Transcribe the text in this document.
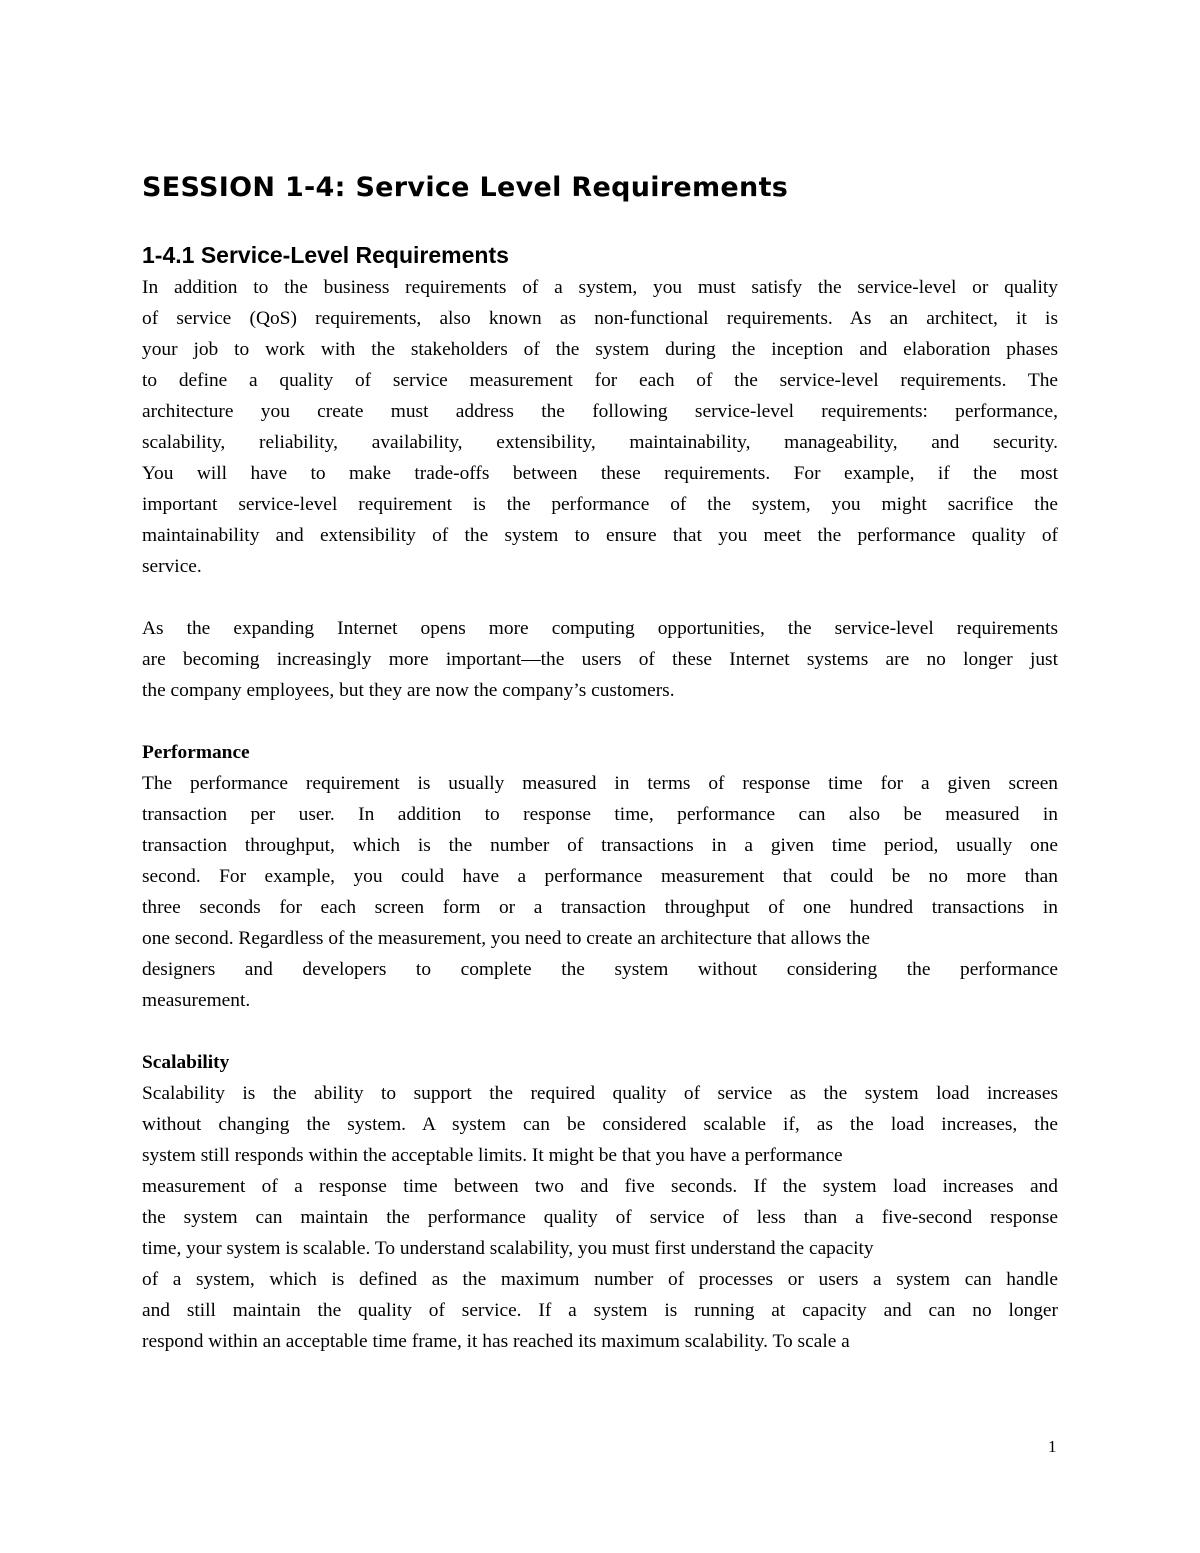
SESSION 1-4: Service Level Requirements
1-4.1 Service-Level Requirements
In addition to the business requirements of a system, you must satisfy the service-level or quality
of service (QoS) requirements, also known as non-functional requirements. As an architect, it is
your job to work with the stakeholders of the system during the inception and elaboration phases
to define a quality of service measurement for each of the service-level requirements. The
architecture you create must address the following service-level requirements: performance,
scalability, reliability, availability, extensibility, maintainability, manageability, and security.
You will have to make trade-offs between these requirements. For example, if the most
important service-level requirement is the performance of the system, you might sacrifice the
maintainability and extensibility of the system to ensure that you meet the performance quality of
service.
As the expanding Internet opens more computing opportunities, the service-level requirements
are becoming increasingly more important—the users of these Internet systems are no longer just
the company employees, but they are now the company’s customers.
Performance
The performance requirement is usually measured in terms of response time for a given screen
transaction per user. In addition to response time, performance can also be measured in
transaction throughput, which is the number of transactions in a given time period, usually one
second. For example, you could have a performance measurement that could be no more than
three seconds for each screen form or a transaction throughput of one hundred transactions in
one second. Regardless of the measurement, you need to create an architecture that allows the
designers and developers to complete the system without considering the performance
measurement.
Scalability
Scalability is the ability to support the required quality of service as the system load increases
without changing the system. A system can be considered scalable if, as the load increases, the
system still responds within the acceptable limits. It might be that you have a performance
measurement of a response time between two and five seconds. If the system load increases and
the system can maintain the performance quality of service of less than a five-second response
time, your system is scalable. To understand scalability, you must first understand the capacity
of a system, which is defined as the maximum number of processes or users a system can handle
and still maintain the quality of service. If a system is running at capacity and can no longer
respond within an acceptable time frame, it has reached its maximum scalability. To scale a
1
